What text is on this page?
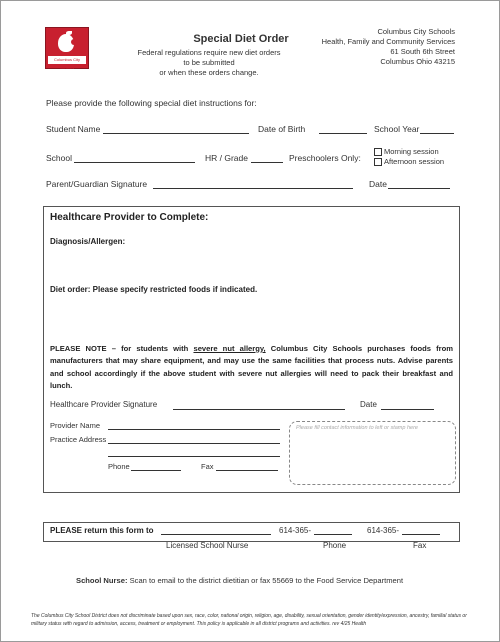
Columbus City Schools
Special Diet Order
Federal regulations require new diet orders
to be submitted
or when these orders change.
Columbus City Schools
Health, Family and Community Services
61 South 6th Street
Columbus Ohio 43215
Please provide the following special diet instructions for:
Student Name	Date of Birth	School Year
School	HR / Grade	Preschoolers Only:
Morning session
Afternoon session
Parent/Guardian Signature	Date
Healthcare Provider to Complete:
Diagnosis/Allergen:
Diet order: Please specify restricted foods if indicated.
PLEASE NOTE – for students with severe nut allergy, Columbus City Schools purchases foods from manufacturers that may share equipment, and may use the same facilities that process nuts. Advise parents and school accordingly if the above student with severe nut allergies will need to pack their breakfast and lunch.
Healthcare Provider Signature	Date
Provider Name
Practice Address
Phone	Fax
Please fill contact information to left or stamp here
PLEASE return this form to	614-365-	614-365-
Licensed School Nurse	Phone	Fax
School Nurse: Scan to email to the district dietitian or fax 55669 to the Food Service Department
The Columbus City School District does not discriminate based upon sex, race, color, national origin, religion, age, disability, sexual orientation, gender identity/expression, ancestry, familial status or military status with regard to admission, access, treatment or employment. This policy is applicable in all district programs and activities. rev 4/25 Health
